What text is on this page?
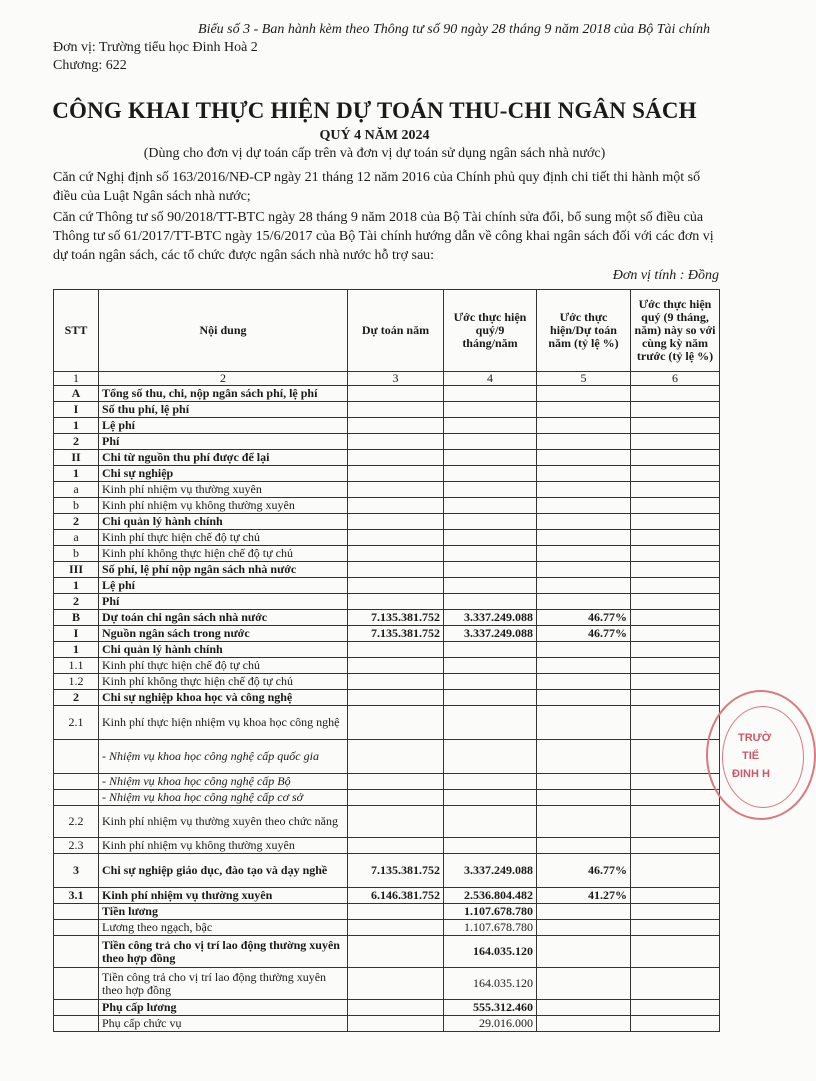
Biểu số 3 - Ban hành kèm theo Thông tư số 90 ngày 28 tháng 9 năm 2018 của Bộ Tài chính
Đơn vị: Trường tiểu học Đinh Hoà 2
Chương: 622
CÔNG KHAI THỰC HIỆN DỰ TOÁN THU-CHI NGÂN SÁCH
QUÝ 4 NĂM 2024
(Dùng cho đơn vị dự toán cấp trên và đơn vị dự toán sử dụng ngân sách nhà nước)
Căn cứ Nghị định số 163/2016/NĐ-CP ngày 21 tháng 12 năm 2016 của Chính phủ quy định chi tiết thi hành một số điều của Luật Ngân sách nhà nước;
Căn cứ Thông tư số 90/2018/TT-BTC ngày 28 tháng 9 năm 2018 của Bộ Tài chính sửa đổi, bổ sung một số điều của Thông tư số 61/2017/TT-BTC ngày 15/6/2017 của Bộ Tài chính hướng dẫn về công khai ngân sách đối với các đơn vị dự toán ngân sách, các tổ chức được ngân sách nhà nước hỗ trợ sau:
Đơn vị tính : Đồng
STT	Nội dung	Dự toán năm	Ước thực hiện quý/9 tháng/năm	Ước thực hiện/Dự toán năm (tỷ lệ %)	Ước thực hiện quý (9 tháng, năm) này so với cùng kỳ năm trước (tỷ lệ %)
1	2	3	4	5	6
A	Tổng số thu, chi, nộp ngân sách phí, lệ phí				
I	Số thu phí, lệ phí				
1	Lệ phí				
2	Phí				
II	Chi từ nguồn thu phí được để lại				
1	Chi sự nghiệp				
a	Kinh phí nhiệm vụ thường xuyên				
b	Kinh phí nhiệm vụ không thường xuyên				
2	Chi quản lý hành chính				
a	Kinh phí thực hiện chế độ tự chủ				
b	Kinh phí không thực hiện chế độ tự chủ				
III	Số phí, lệ phí nộp ngân sách nhà nước				
1	Lệ phí				
2	Phí				
B	Dự toán chi ngân sách nhà nước	7.135.381.752	3.337.249.088	46.77%	
I	Nguồn ngân sách trong nước	7.135.381.752	3.337.249.088	46.77%	
1	Chi quản lý hành chính				
1.1	Kinh phí thực hiện chế độ tự chủ				
1.2	Kinh phí không thực hiện chế độ tự chủ				
2	Chi sự nghiệp khoa học và công nghệ				
2.1	Kinh phí thực hiện nhiệm vụ khoa học công nghệ				
	- Nhiệm vụ khoa học công nghệ cấp quốc gia				
	- Nhiệm vụ khoa học công nghệ cấp Bộ				
	- Nhiệm vụ khoa học công nghệ cấp cơ sở				
2.2	Kinh phí nhiệm vụ thường xuyên theo chức năng				
2.3	Kinh phí nhiệm vụ không thường xuyên				
3	Chi sự nghiệp giáo dục, đào tạo và dạy nghề	7.135.381.752	3.337.249.088	46.77%	
3.1	Kinh phí nhiệm vụ thường xuyên	6.146.381.752	2.536.804.482	41.27%	
	Tiền lương		1.107.678.780		
	Lương theo ngạch, bậc		1.107.678.780		
	Tiền công trả cho vị trí lao động thường xuyên theo hợp đồng		164.035.120		
	Tiền công trả cho vị trí lao động thường xuyên theo hợp đồng		164.035.120		
	Phụ cấp lương		555.312.460		
	Phụ cấp chức vụ		29.016.000		
TRƯỜ
TIỂ
ĐINH H
